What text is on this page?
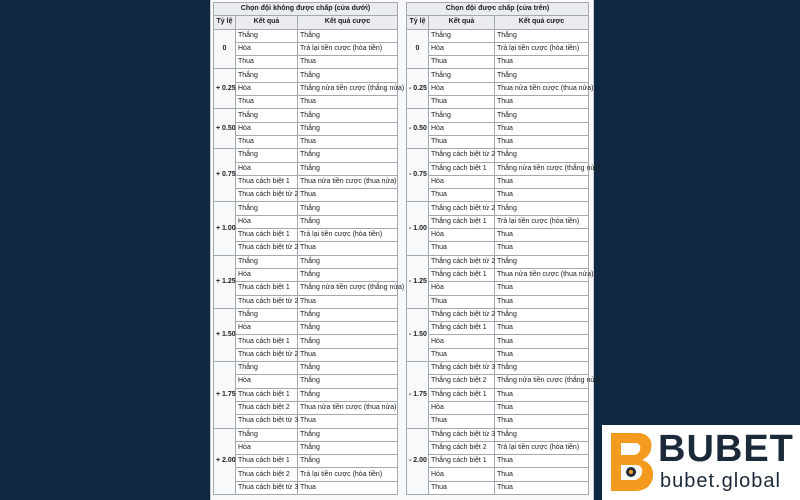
Chọn đội không được chấp (cửa dưới)		
Tỷ lệ	Kết quả	Kết quả cược
0	Thắng	Thắng
	Hòa	Trả lại tiền cược (hòa tiền)
	Thua	Thua
+ 0.25	Thắng	Thắng
	Hòa	Thắng nửa tiền cược (thắng nửa)
	Thua	Thua
+ 0.50	Thắng	Thắng
	Hòa	Thắng
	Thua	Thua
+ 0.75	Thắng	Thắng
	Hòa	Thắng
	Thua cách biệt 1	Thua nửa tiền cược (thua nửa)
	Thua cách biệt từ 2	Thua
+ 1.00	Thắng	Thắng
	Hòa	Thắng
	Thua cách biệt 1	Trả lại tiền cược (hòa tiền)
	Thua cách biệt từ 2	Thua
+ 1.25	Thắng	Thắng
	Hòa	Thắng
	Thua cách biệt 1	Thắng nửa tiền cược (thắng nửa)
	Thua cách biệt từ 2	Thua
+ 1.50	Thắng	Thắng
	Hòa	Thắng
	Thua cách biệt 1	Thắng
	Thua cách biệt từ 2	Thua
+ 1.75	Thắng	Thắng
	Hòa	Thắng
	Thua cách biệt 1	Thắng
	Thua cách biệt 2	Thua nửa tiền cược (thua nửa)
	Thua cách biệt từ 3	Thua
+ 2.00	Thắng	Thắng
	Hòa	Thắng
	Thua cách biệt 1	Thắng
	Thua cách biệt 2	Trả lại tiền cược (hòa tiền)
	Thua cách biệt từ 3	Thua
Chọn đội được chấp (cửa trên)		
Tỷ lệ	Kết quả	Kết quả cược
0	Thắng	Thắng
	Hòa	Trả lại tiền cược (hòa tiền)
	Thua	Thua
- 0.25	Thắng	Thắng
	Hòa	Thua nửa tiền cược (thua nửa)
	Thua	Thua
- 0.50	Thắng	Thắng
	Hòa	Thua
	Thua	Thua
- 0.75	Thắng cách biệt từ 2	Thắng
	Thắng cách biệt 1	Thắng nửa tiền cược (thắng nửa)
	Hòa	Thua
	Thua	Thua
- 1.00	Thắng cách biệt từ 2	Thắng
	Thắng cách biệt 1	Trả lại tiền cược (hòa tiền)
	Hòa	Thua
	Thua	Thua
- 1.25	Thắng cách biệt từ 2	Thắng
	Thắng cách biệt 1	Thua nửa tiền cược (thua nửa)
	Hòa	Thua
	Thua	Thua
- 1.50	Thắng cách biệt từ 2	Thắng
	Thắng cách biệt 1	Thua
	Hòa	Thua
	Thua	Thua
- 1.75	Thắng cách biệt từ 3	Thắng
	Thắng cách biệt 2	Thắng nửa tiền cược (thắng nửa)
	Thắng cách biệt 1	Thua
	Hòa	Thua
	Thua	Thua
- 2.00	Thắng cách biệt từ 3	Thắng
	Thắng cách biệt 2	Trả lại tiền cược (hòa tiền)
	Thắng cách biệt 1	Thua
	Hòa	Thua
	Thua	Thua
BUBET
bubet.global
